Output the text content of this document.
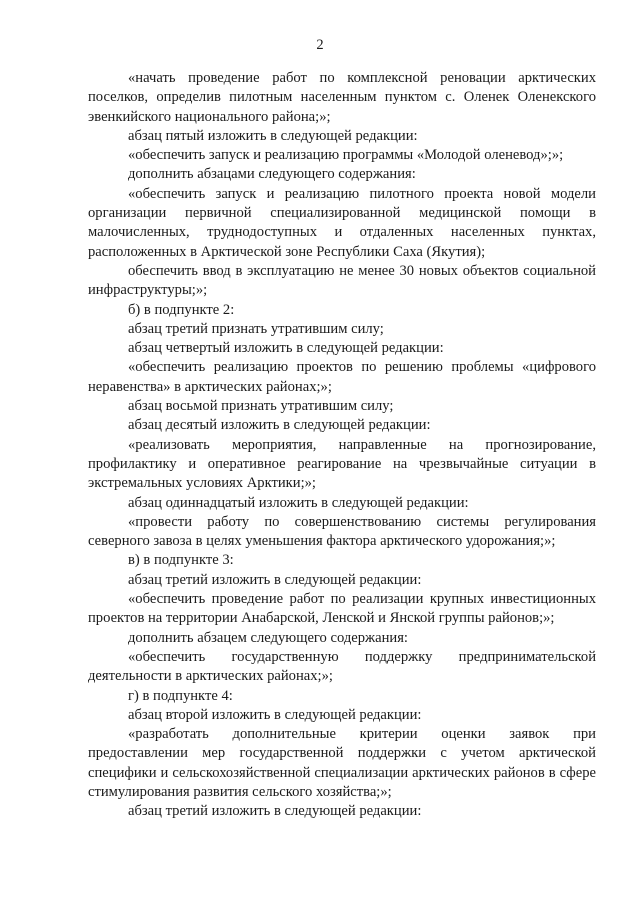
2

«начать проведение работ по комплексной реновации арктических поселков, определив пилотным населенным пунктом с. Оленек Оленекского эвенкийского национального района;»;

абзац пятый изложить в следующей редакции:

«обеспечить запуск и реализацию программы «Молодой оленевод»;»;

дополнить абзацами следующего содержания:

«обеспечить запуск и реализацию пилотного проекта новой модели организации первичной специализированной медицинской помощи в малочисленных, труднодоступных и отдаленных населенных пунктах, расположенных в Арктической зоне Республики Саха (Якутия);

обеспечить ввод в эксплуатацию не менее 30 новых объектов социальной инфраструктуры;»;

б) в подпункте 2:

абзац третий признать утратившим силу;

абзац четвертый изложить в следующей редакции:

«обеспечить реализацию проектов по решению проблемы «цифрового неравенства» в арктических районах;»;

абзац восьмой признать утратившим силу;

абзац десятый изложить в следующей редакции:

«реализовать мероприятия, направленные на прогнозирование, профилактику и оперативное реагирование на чрезвычайные ситуации в экстремальных условиях Арктики;»;

абзац одиннадцатый изложить в следующей редакции:

«провести работу по совершенствованию системы регулирования северного завоза в целях уменьшения фактора арктического удорожания;»;

в) в подпункте 3:

абзац третий изложить в следующей редакции:

«обеспечить проведение работ по реализации крупных инвестиционных проектов на территории Анабарской, Ленской и Янской группы районов;»;

дополнить абзацем следующего содержания:

«обеспечить государственную поддержку предпринимательской деятельности в арктических районах;»;

г) в подпункте 4:

абзац второй изложить в следующей редакции:

«разработать дополнительные критерии оценки заявок при предоставлении мер государственной поддержки с учетом арктической специфики и сельскохозяйственной специализации арктических районов в сфере стимулирования развития сельского хозяйства;»;

абзац третий изложить в следующей редакции:
